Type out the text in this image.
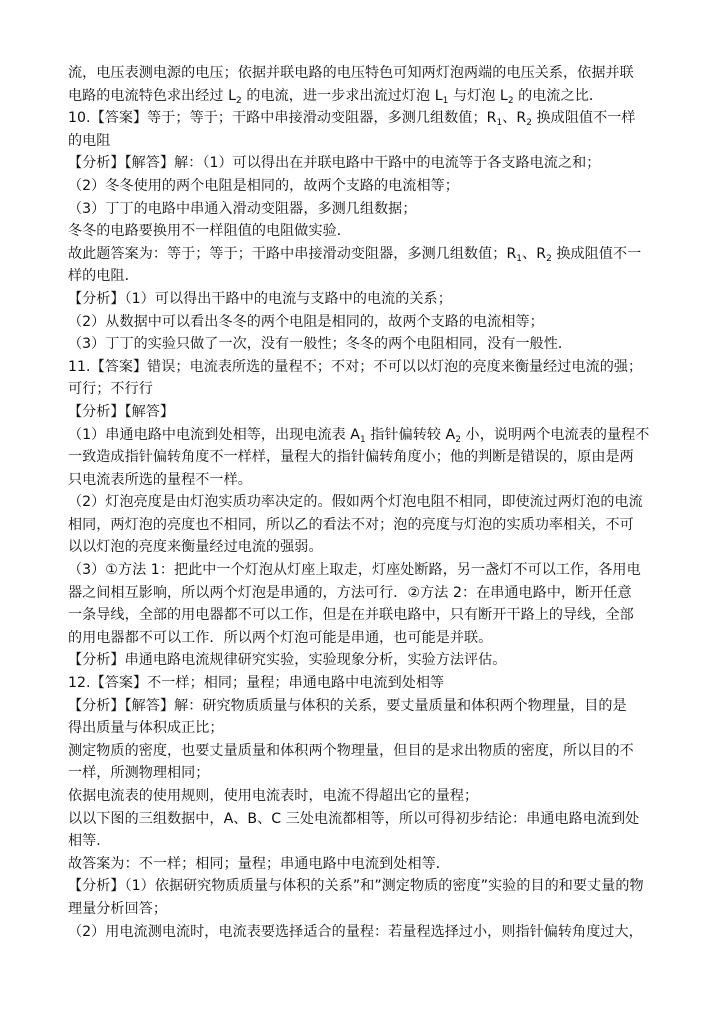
流，电压表测电源的电压；依据并联电路的电压特色可知两灯泡两端的电压关系，依据并联
电路的电流特色求出经过 $L_2$ 的电流，进一步求出流过灯泡 $L_1$ 与灯泡 $L_2$ 的电流之比．
10.【答案】等于；等于；干路中串接滑动变阻器，多测几组数值；$R_1$、$R_2$ 换成阻值不一样
的电阻
【分析】【解答】解：（1）可以得出在并联电路中干路中的电流等于各支路电流之和；
（2）冬冬使用的两个电阻是相同的，故两个支路的电流相等；
（3）丁丁的电路中串通入滑动变阻器，多测几组数据；
冬冬的电路要换用不一样阻值的电阻做实验．
故此题答案为：等于；等于；干路中串接滑动变阻器，多测几组数值；$R_1$、$R_2$ 换成阻值不一
样的电阻．
【分析】（1）可以得出干路中的电流与支路中的电流的关系；
（2）从数据中可以看出冬冬的两个电阻是相同的，故两个支路的电流相等；
（3）丁丁的实验只做了一次，没有一般性；冬冬的两个电阻相同，没有一般性．
11.【答案】错误；电流表所选的量程不；不对；不可以以灯泡的亮度来衡量经过电流的强；
可行；不行行
【分析】【解答】
（1）串通电路中电流到处相等，出现电流表 $A_1$ 指针偏转较 $A_2$ 小，说明两个电流表的量程不
一致造成指针偏转角度不一样样，量程大的指针偏转角度小；他的判断是错误的，原由是两
只电流表所选的量程不一样。
（2）灯泡亮度是由灯泡实质功率决定的。假如两个灯泡电阻不相同，即使流过两灯泡的电流
相同，两灯泡的亮度也不相同，所以乙的看法不对；泡的亮度与灯泡的实质功率相关，不可
以以灯泡的亮度来衡量经过电流的强弱。
（3）①方法 1：把此中一个灯泡从灯座上取走，灯座处断路，另一盏灯不可以工作，各用电
器之间相互影响，所以两个灯泡是串通的，方法可行．②方法 2：在串通电路中，断开任意
一条导线，全部的用电器都不可以工作，但是在并联电路中，只有断开干路上的导线，全部
的用电器都不可以工作．所以两个灯泡可能是串通，也可能是并联。
【分析】串通电路电流规律研究实验，实验现象分析，实验方法评估。
12.【答案】不一样；相同；量程；串通电路中电流到处相等
【分析】【解答】解：研究物质质量与体积的关系，要丈量质量和体积两个物理量，目的是
得出质量与体积成正比；
测定物质的密度，也要丈量质量和体积两个物理量，但目的是求出物质的密度，所以目的不
一样，所测物理相同；
依据电流表的使用规则，使用电流表时，电流不得超出它的量程；
以以下图的三组数据中，A、B、C 三处电流都相等，所以可得初步结论：串通电路电流到处
相等.
故答案为：不一样；相同；量程；串通电路中电流到处相等．
【分析】（1）依据研究物质质量与体积的关系”和”测定物质的密度”实验的目的和要丈量的物
理量分析回答；
（2）用电流测电流时，电流表要选择适合的量程：若量程选择过小，则指针偏转角度过大，
